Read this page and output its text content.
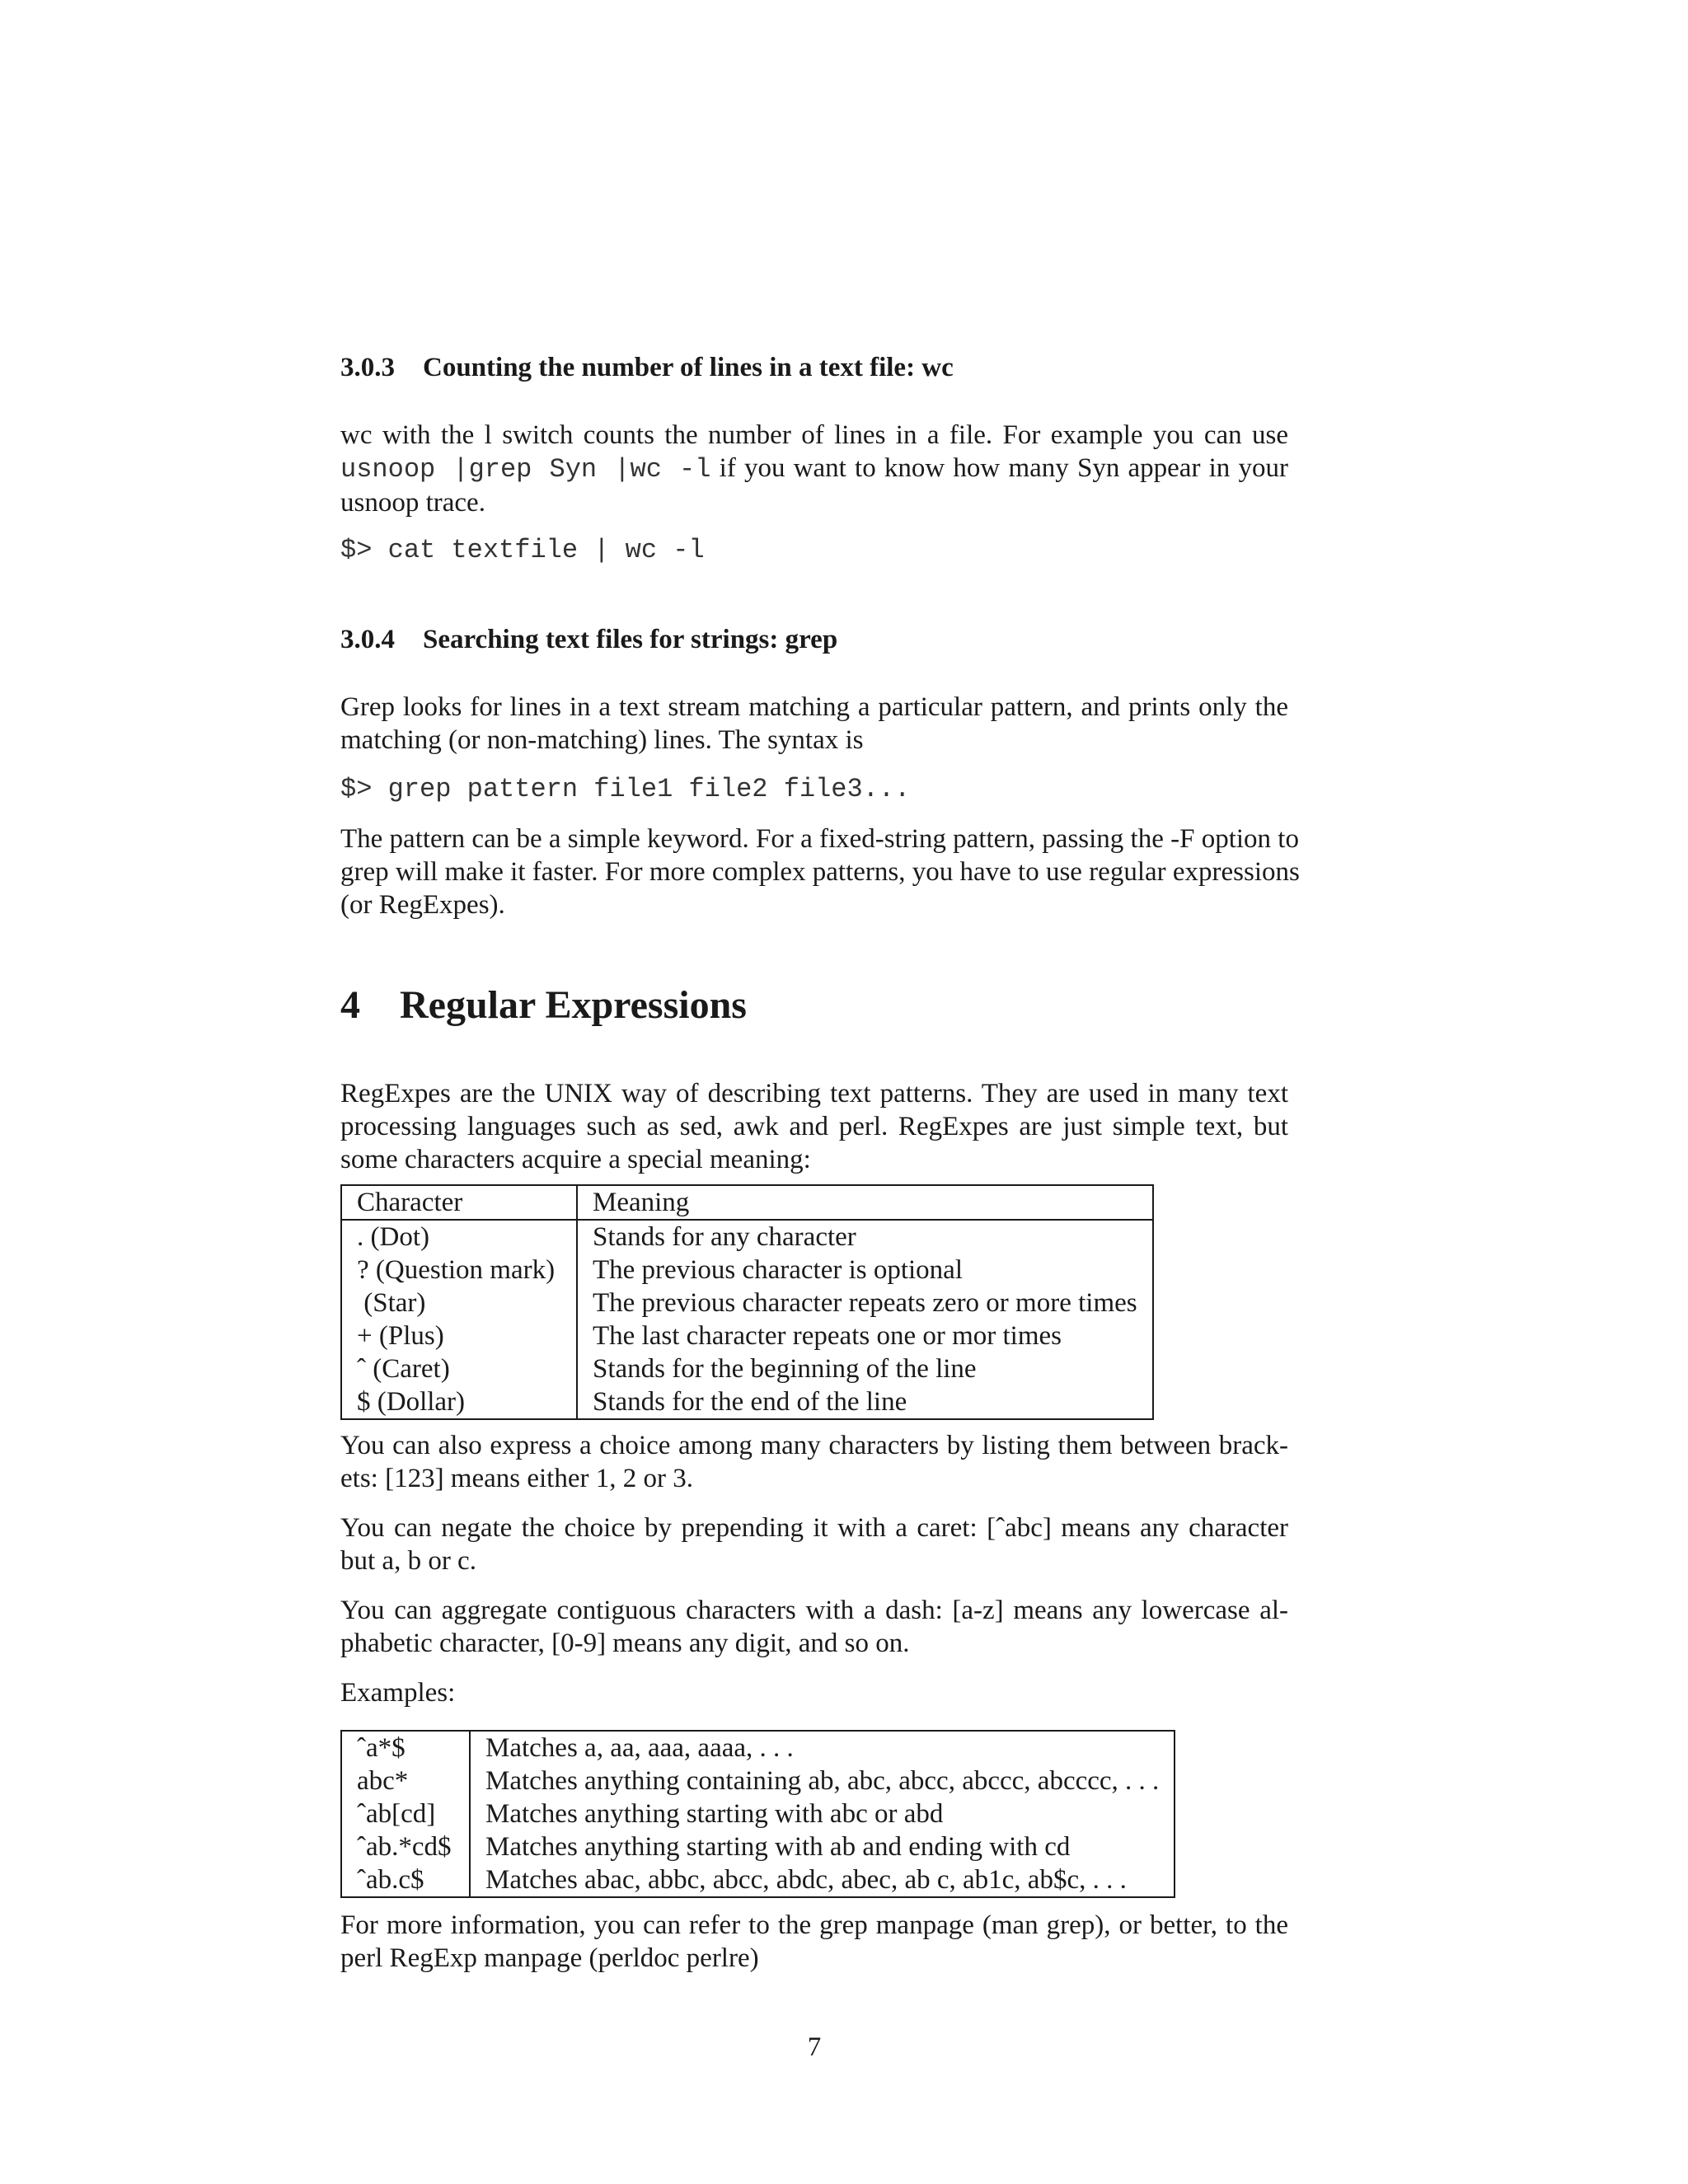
3.0.3 Counting the number of lines in a text file: wc
wc with the l switch counts the number of lines in a file. For example you can use
usnoop |grep Syn |wc -l if you want to know how many Syn appear in your
usnoop trace.
$> cat textfile | wc -l
3.0.4 Searching text files for strings: grep
Grep looks for lines in a text stream matching a particular pattern, and prints only the
matching (or non-matching) lines. The syntax is
$> grep pattern file1 file2 file3...
The pattern can be a simple keyword. For a fixed-string pattern, passing the -F option to
grep will make it faster. For more complex patterns, you have to use regular expressions
(or RegExpes).
4 Regular Expressions
RegExpes are the UNIX way of describing text patterns. They are used in many text
processing languages such as sed, awk and perl. RegExpes are just simple text, but
some characters acquire a special meaning:
Character	Meaning
. (Dot)	Stands for any character
? (Question mark)	The previous character is optional
(Star)	The previous character repeats zero or more times
+ (Plus)	The last character repeats one or mor times
ˆ (Caret)	Stands for the beginning of the line
$ (Dollar)	Stands for the end of the line
You can also express a choice among many characters by listing them between brack-
ets: [123] means either 1, 2 or 3.
You can negate the choice by prepending it with a caret: [ˆabc] means any character
but a, b or c.
You can aggregate contiguous characters with a dash: [a-z] means any lowercase al-
phabetic character, [0-9] means any digit, and so on.
Examples:
ˆa*$	Matches a, aa, aaa, aaaa, . . .
abc*	Matches anything containing ab, abc, abcc, abccc, abcccc, . . .
ˆab[cd]	Matches anything starting with abc or abd
ˆab.*cd$	Matches anything starting with ab and ending with cd
ˆab.c$	Matches abac, abbc, abcc, abdc, abec, ab c, ab1c, ab$c, . . .
For more information, you can refer to the grep manpage (man grep), or better, to the
perl RegExp manpage (perldoc perlre)
7
